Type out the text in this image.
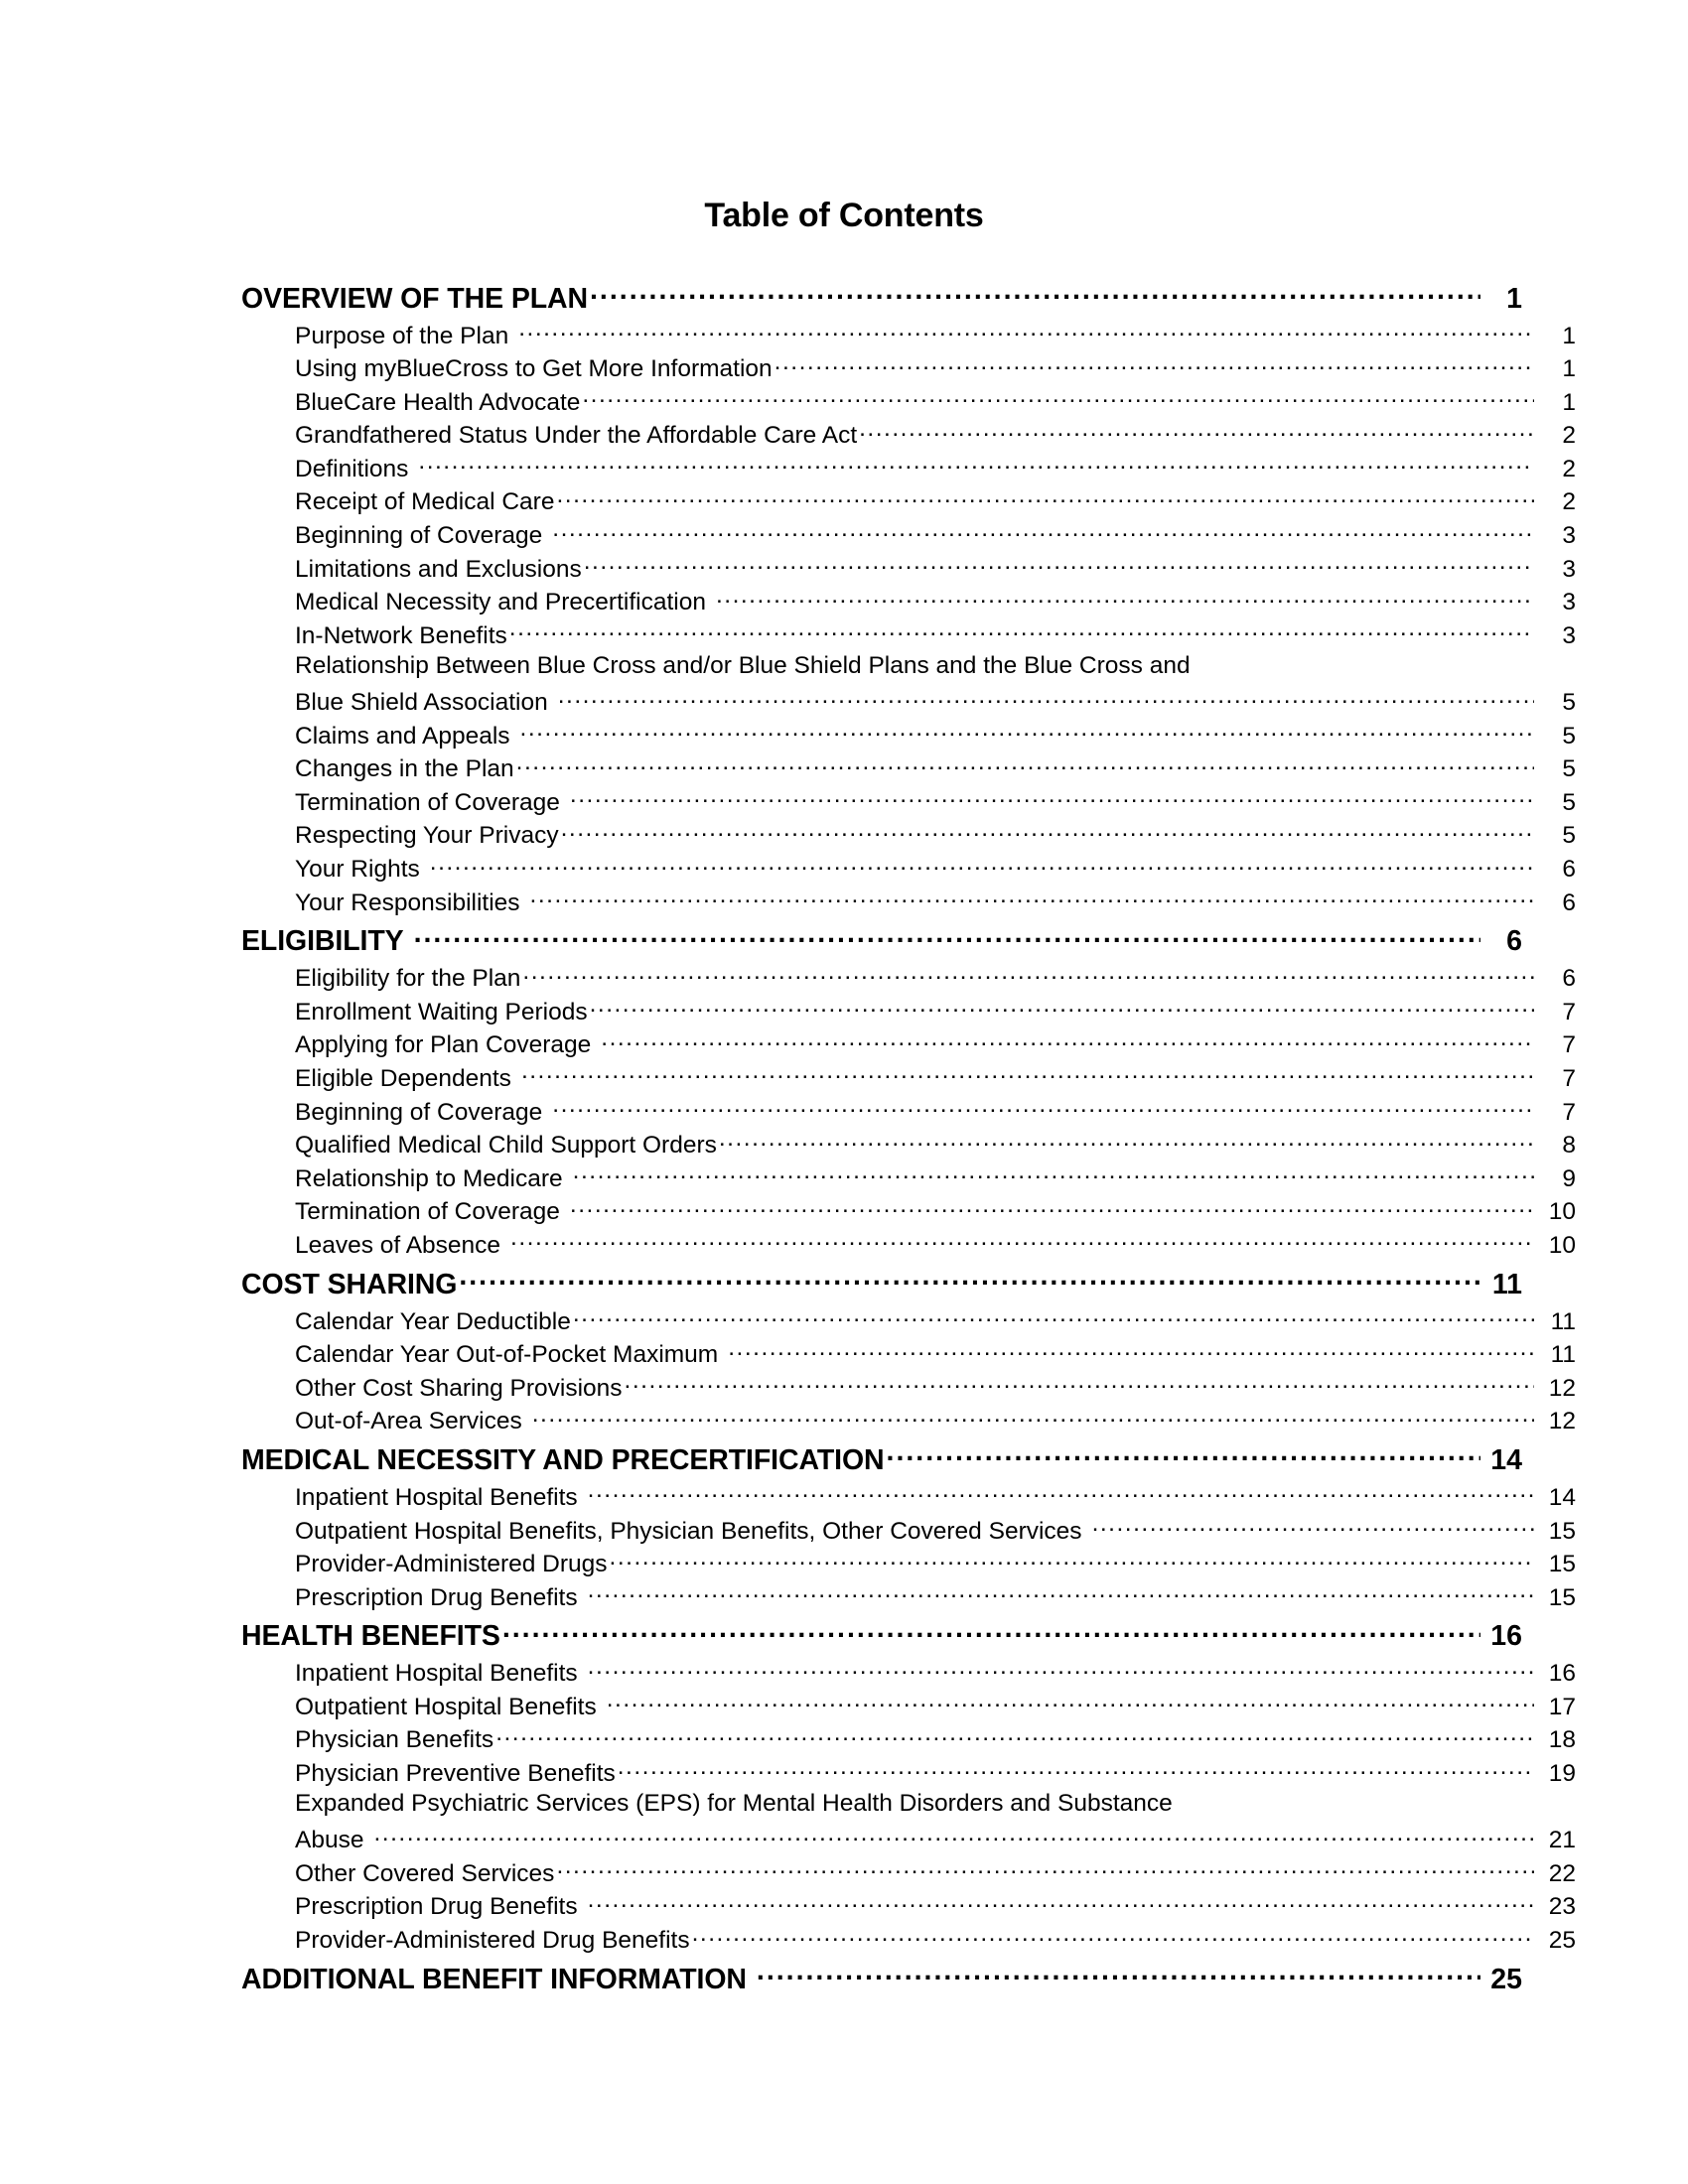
Table of Contents
OVERVIEW OF THE PLAN .....	1
Purpose of the Plan .....	1
Using myBlueCross to Get More Information .....	1
BlueCare Health Advocate .....	1
Grandfathered Status Under the Affordable Care Act .....	2
Definitions .....	2
Receipt of Medical Care .....	2
Beginning of Coverage .....	3
Limitations and Exclusions .....	3
Medical Necessity and Precertification .....	3
In-Network Benefits .....	3
Relationship Between Blue Cross and/or Blue Shield Plans and the Blue Cross and
Blue Shield Association .....	5
Claims and Appeals .....	5
Changes in the Plan .....	5
Termination of Coverage .....	5
Respecting Your Privacy .....	5
Your Rights .....	6
Your Responsibilities .....	6
ELIGIBILITY .....	6
Eligibility for the Plan .....	6
Enrollment Waiting Periods .....	7
Applying for Plan Coverage .....	7
Eligible Dependents .....	7
Beginning of Coverage .....	7
Qualified Medical Child Support Orders .....	8
Relationship to Medicare .....	9
Termination of Coverage .....	10
Leaves of Absence .....	10
COST SHARING .....	11
Calendar Year Deductible .....	11
Calendar Year Out-of-Pocket Maximum .....	11
Other Cost Sharing Provisions .....	12
Out-of-Area Services .....	12
MEDICAL NECESSITY AND PRECERTIFICATION .....	14
Inpatient Hospital Benefits .....	14
Outpatient Hospital Benefits, Physician Benefits, Other Covered Services .....	15
Provider-Administered Drugs .....	15
Prescription Drug Benefits .....	15
HEALTH BENEFITS .....	16
Inpatient Hospital Benefits .....	16
Outpatient Hospital Benefits .....	17
Physician Benefits .....	18
Physician Preventive Benefits .....	19
Expanded Psychiatric Services (EPS) for Mental Health Disorders and Substance
Abuse .....	21
Other Covered Services .....	22
Prescription Drug Benefits .....	23
Provider-Administered Drug Benefits .....	25
ADDITIONAL BENEFIT INFORMATION .....	25
